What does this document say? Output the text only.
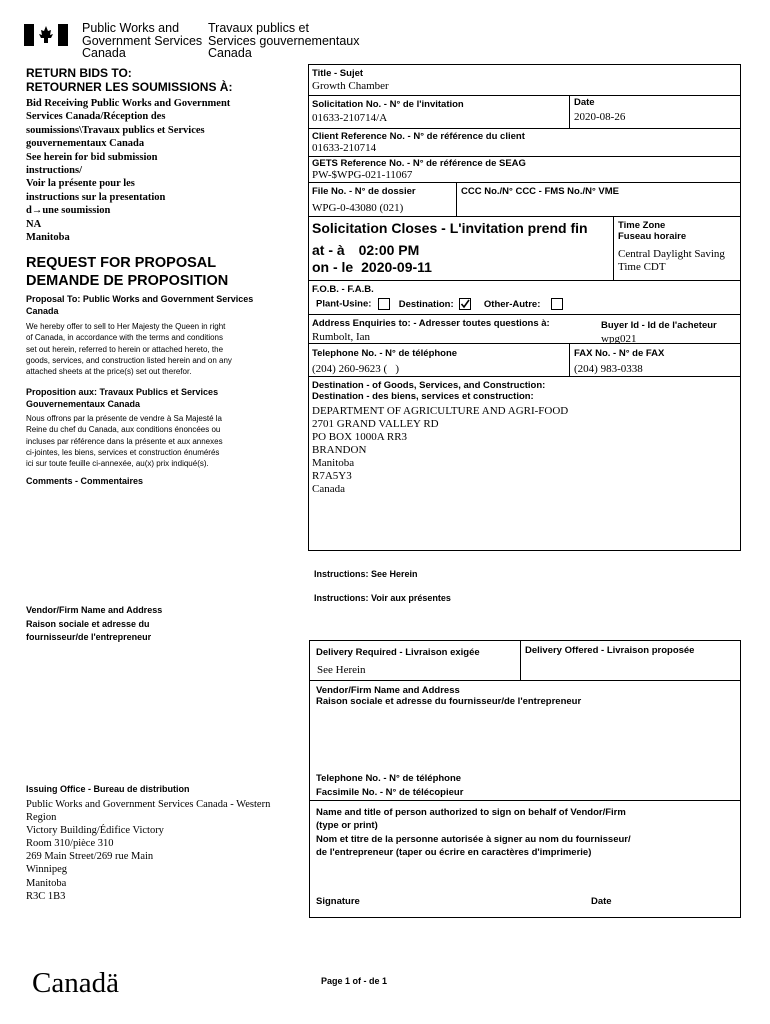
Public Works and
Government Services
Canada
Travaux publics et
Services gouvernementaux
Canada
RETURN BIDS TO:
RETOURNER LES SOUMISSIONS À:
Bid Receiving Public Works and Government
Services Canada/Réception des
soumissions\Travaux publics et Services
gouvernementaux Canada
See herein for bid submission
instructions/
Voir la présente pour les
instructions sur la presentation
d→une soumission
NA
Manitoba
REQUEST FOR PROPOSAL
DEMANDE DE PROPOSITION
Proposal To: Public Works and Government Services Canada
We hereby offer to sell to Her Majesty the Queen in right
of Canada, in accordance with the terms and conditions
set out herein, referred to herein or attached hereto, the
goods, services, and construction listed herein and on any
attached sheets at the price(s) set out therefor.
Proposition aux: Travaux Publics et Services Gouvernementaux Canada
Nous offrons par la présente de vendre à Sa Majesté la
Reine du chef du Canada, aux conditions énoncées ou
incluses par référence dans la présente et aux annexes
ci-jointes, les biens, services et construction énumérés
ici sur toute feuille ci-annexée, au(x) prix indiqué(s).
Comments - Commentaires
Vendor/Firm Name and Address
Raison sociale et adresse du
fournisseur/de l'entrepreneur
Issuing Office - Bureau de distribution
Public Works and Government Services Canada - Western
Region
Victory Building/Édifice Victory
Room 310/pièce 310
269 Main Street/269 rue Main
Winnipeg
Manitoba
R3C 1B3
Title - Sujet
Growth Chamber
Solicitation No. - N° de l'invitation
01633-210714/A
Date
2020-08-26
Client Reference No. - N° de référence du client
01633-210714
GETS Reference No. - N° de référence de SEAG
PW-$WPG-021-11067
File No. - N° de dossier
WPG-0-43080 (021)
CCC No./N° CCC - FMS No./N° VME
Solicitation Closes - L'invitation prend fin	Time Zone
Fuseau horaire
at - à 02:00 PM
on - le 2020-09-11
Central Daylight Saving
Time CDT
F.O.B. - F.A.B.
Plant-Usine:	Destination:	Other-Autre:
Address Enquiries to: - Adresser toutes questions à:
Rumbolt, Ian
Buyer Id - Id de l'acheteur
wpg021
Telephone No. - N° de téléphone
(204) 260-9623 (   )
FAX No. - N° de FAX
(204) 983-0338
Destination - of Goods, Services, and Construction:
Destination - des biens, services et construction:
DEPARTMENT OF AGRICULTURE AND AGRI-FOOD
2701 GRAND VALLEY RD
PO BOX 1000A RR3
BRANDON
Manitoba
R7A5Y3
Canada
Instructions: See Herein
Instructions: Voir aux présentes
Delivery Required - Livraison exigée
See Herein
Delivery Offered - Livraison proposée
Vendor/Firm Name and Address
Raison sociale et adresse du fournisseur/de l'entrepreneur
Telephone No. - N° de téléphone
Facsimile No. - N° de télécopieur
Name and title of person authorized to sign on behalf of Vendor/Firm
(type or print)
Nom et titre de la personne autorisée à signer au nom du fournisseur/
de l'entrepreneur (taper ou écrire en caractères d'imprimerie)
Signature	Date
Canadä	Page 1 of - de 1
